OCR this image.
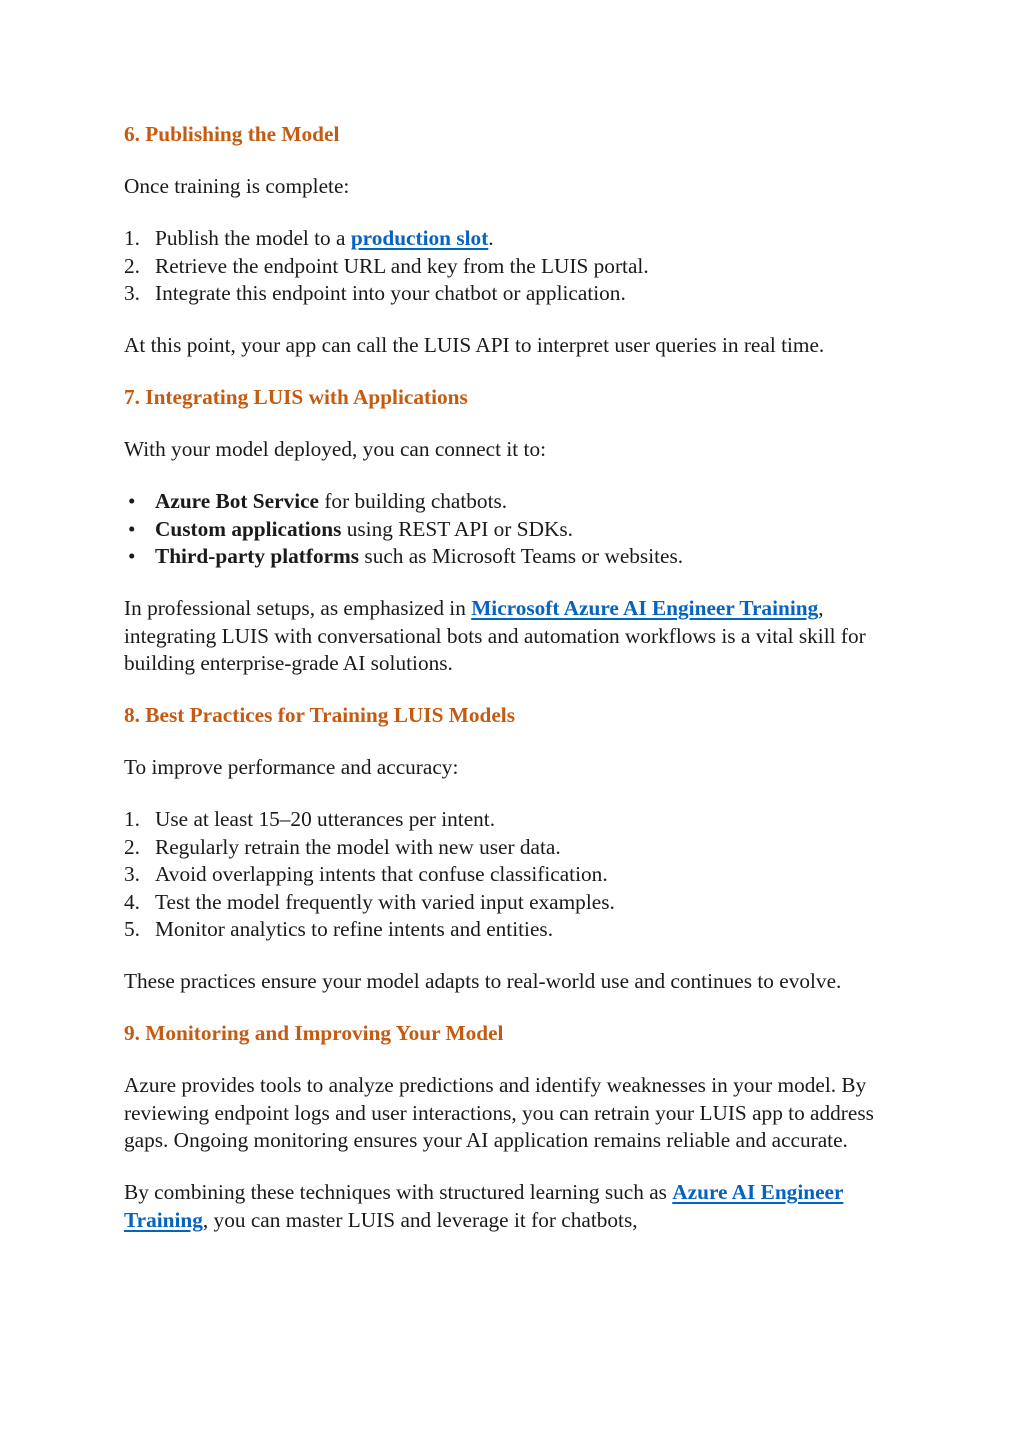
6. Publishing the Model

Once training is complete:

1. Publish the model to a production slot.
2. Retrieve the endpoint URL and key from the LUIS portal.
3. Integrate this endpoint into your chatbot or application.

At this point, your app can call the LUIS API to interpret user queries in real time.

7. Integrating LUIS with Applications

With your model deployed, you can connect it to:

• Azure Bot Service for building chatbots.
• Custom applications using REST API or SDKs.
• Third-party platforms such as Microsoft Teams or websites.

In professional setups, as emphasized in Microsoft Azure AI Engineer Training, integrating LUIS with conversational bots and automation workflows is a vital skill for building enterprise-grade AI solutions.

8. Best Practices for Training LUIS Models

To improve performance and accuracy:

1. Use at least 15–20 utterances per intent.
2. Regularly retrain the model with new user data.
3. Avoid overlapping intents that confuse classification.
4. Test the model frequently with varied input examples.
5. Monitor analytics to refine intents and entities.

These practices ensure your model adapts to real-world use and continues to evolve.

9. Monitoring and Improving Your Model

Azure provides tools to analyze predictions and identify weaknesses in your model. By reviewing endpoint logs and user interactions, you can retrain your LUIS app to address gaps. Ongoing monitoring ensures your AI application remains reliable and accurate.

By combining these techniques with structured learning such as Azure AI Engineer Training, you can master LUIS and leverage it for chatbots,
